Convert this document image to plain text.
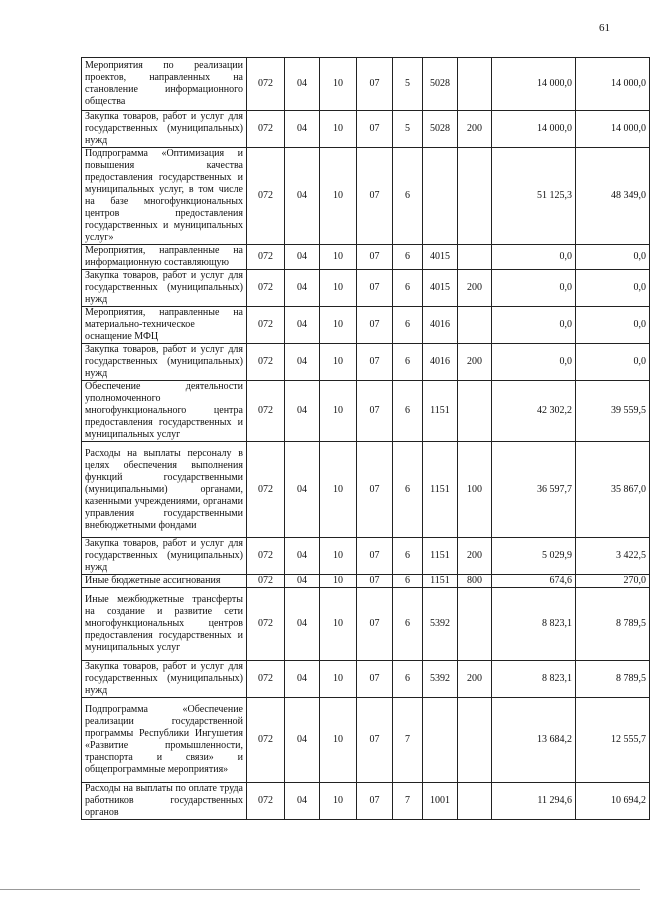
61
Мероприятия по реализации проектов, направленных на становление информационного общества	072	04	10	07	5	5028		14 000,0	14 000,0
Закупка товаров, работ и услуг для государственных (муниципальных) нужд	072	04	10	07	5	5028	200	14 000,0	14 000,0
Подпрограмма «Оптимизация и повышения качества предоставления государственных и муниципальных услуг, в том числе на базе многофункциональных центров предоставления государственных и муниципальных услуг»	072	04	10	07	6			51 125,3	48 349,0
Мероприятия, направленные на информационную составляющую	072	04	10	07	6	4015		0,0	0,0
Закупка товаров, работ и услуг для государственных (муниципальных) нужд	072	04	10	07	6	4015	200	0,0	0,0
Мероприятия, направленные на материально-техническое оснащение МФЦ	072	04	10	07	6	4016		0,0	0,0
Закупка товаров, работ и услуг для государственных (муниципальных) нужд	072	04	10	07	6	4016	200	0,0	0,0
Обеспечение деятельности уполномоченного многофункционального центра предоставления государственных и муниципальных услуг	072	04	10	07	6	1151		42 302,2	39 559,5
Расходы на выплаты персоналу в целях обеспечения выполнения функций государственными (муниципальными) органами, казенными учреждениями, органами управления государственными внебюджетными фондами	072	04	10	07	6	1151	100	36 597,7	35 867,0
Закупка товаров, работ и услуг для государственных (муниципальных) нужд	072	04	10	07	6	1151	200	5 029,9	3 422,5
Иные бюджетные ассигнования	072	04	10	07	6	1151	800	674,6	270,0
Иные межбюджетные трансферты на создание и развитие сети многофункциональных центров предоставления государственных и муниципальных услуг	072	04	10	07	6	5392		8 823,1	8 789,5
Закупка товаров, работ и услуг для государственных (муниципальных) нужд	072	04	10	07	6	5392	200	8 823,1	8 789,5
Подпрограмма «Обеспечение реализации государственной программы Республики Ингушетия «Развитие промышленности, транспорта и связи» и общепрограммные мероприятия»	072	04	10	07	7			13 684,2	12 555,7
Расходы на выплаты по оплате труда работников государственных органов	072	04	10	07	7	1001		11 294,6	10 694,2
